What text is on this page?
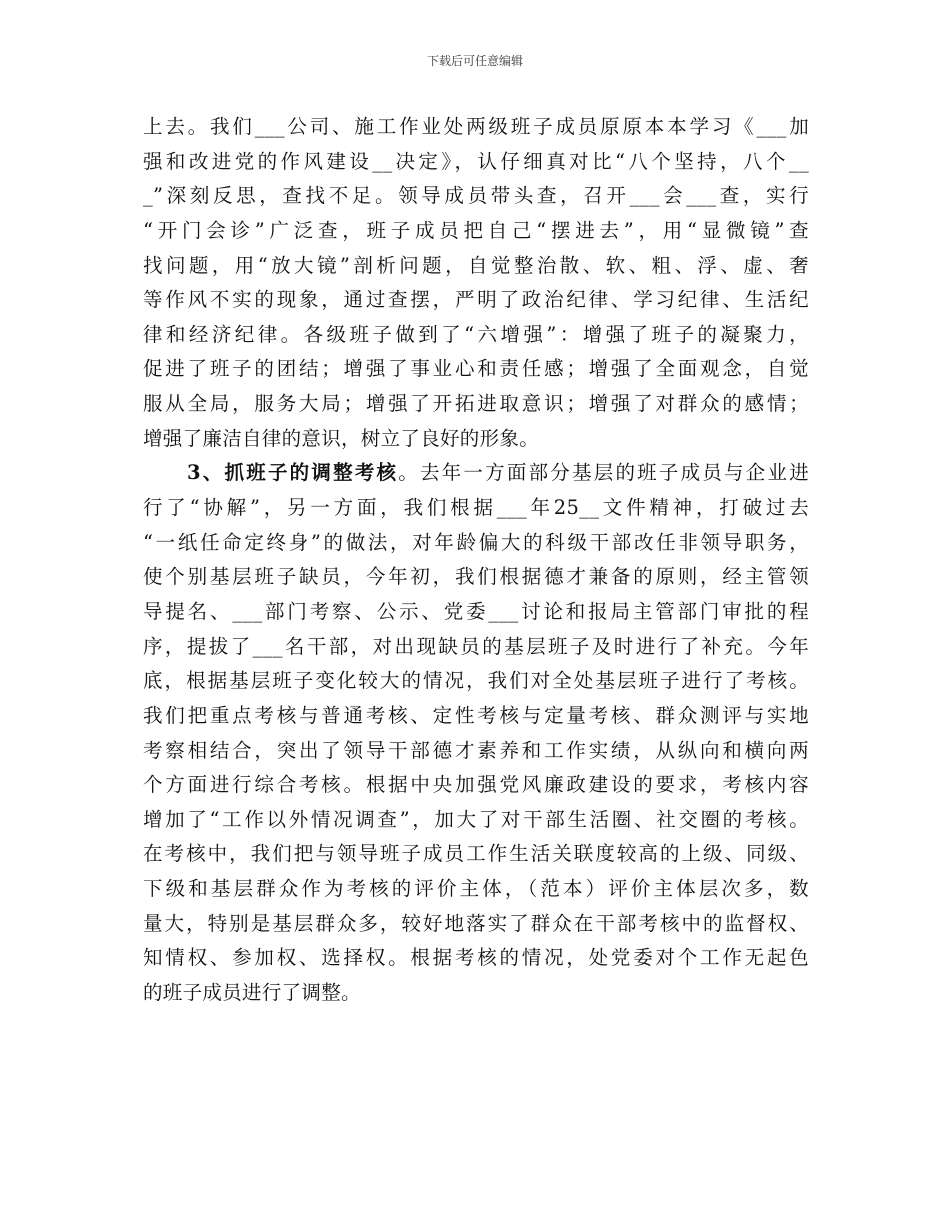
下载后可任意编辑
上去。我们___公司、施工作业处两级班子成员原原本本学习《___加
强和改进党的作风建设__决定》，认仔细真对比“八个坚持，八个__
_”深刻反思，查找不足。领导成员带头查，召开___会___查，实行
“开门会诊”广泛查，班子成员把自己“摆进去”，用“显微镜”查
找问题，用“放大镜”剖析问题，自觉整治散、软、粗、浮、虚、奢
等作风不实的现象，通过查摆，严明了政治纪律、学习纪律、生活纪
律和经济纪律。各级班子做到了“六增强”：增强了班子的凝聚力，
促进了班子的团结；增强了事业心和责任感；增强了全面观念，自觉
服从全局，服务大局；增强了开拓进取意识；增强了对群众的感情；
增强了廉洁自律的意识，树立了良好的形象。
3、抓班子的调整考核。去年一方面部分基层的班子成员与企业进
行了“协解”，另一方面，我们根据___年25__文件精神，打破过去
“一纸任命定终身”的做法，对年龄偏大的科级干部改任非领导职务，
使个别基层班子缺员，今年初，我们根据德才兼备的原则，经主管领
导提名、___部门考察、公示、党委___讨论和报局主管部门审批的程
序，提拔了___名干部，对出现缺员的基层班子及时进行了补充。今年
底，根据基层班子变化较大的情况，我们对全处基层班子进行了考核。
我们把重点考核与普通考核、定性考核与定量考核、群众测评与实地
考察相结合，突出了领导干部德才素养和工作实绩，从纵向和横向两
个方面进行综合考核。根据中央加强党风廉政建设的要求，考核内容
增加了“工作以外情况调查”，加大了对干部生活圈、社交圈的考核。
在考核中，我们把与领导班子成员工作生活关联度较高的上级、同级、
下级和基层群众作为考核的评价主体，（范本）评价主体层次多，数
量大，特别是基层群众多，较好地落实了群众在干部考核中的监督权、
知情权、参加权、选择权。根据考核的情况，处党委对个工作无起色
的班子成员进行了调整。
